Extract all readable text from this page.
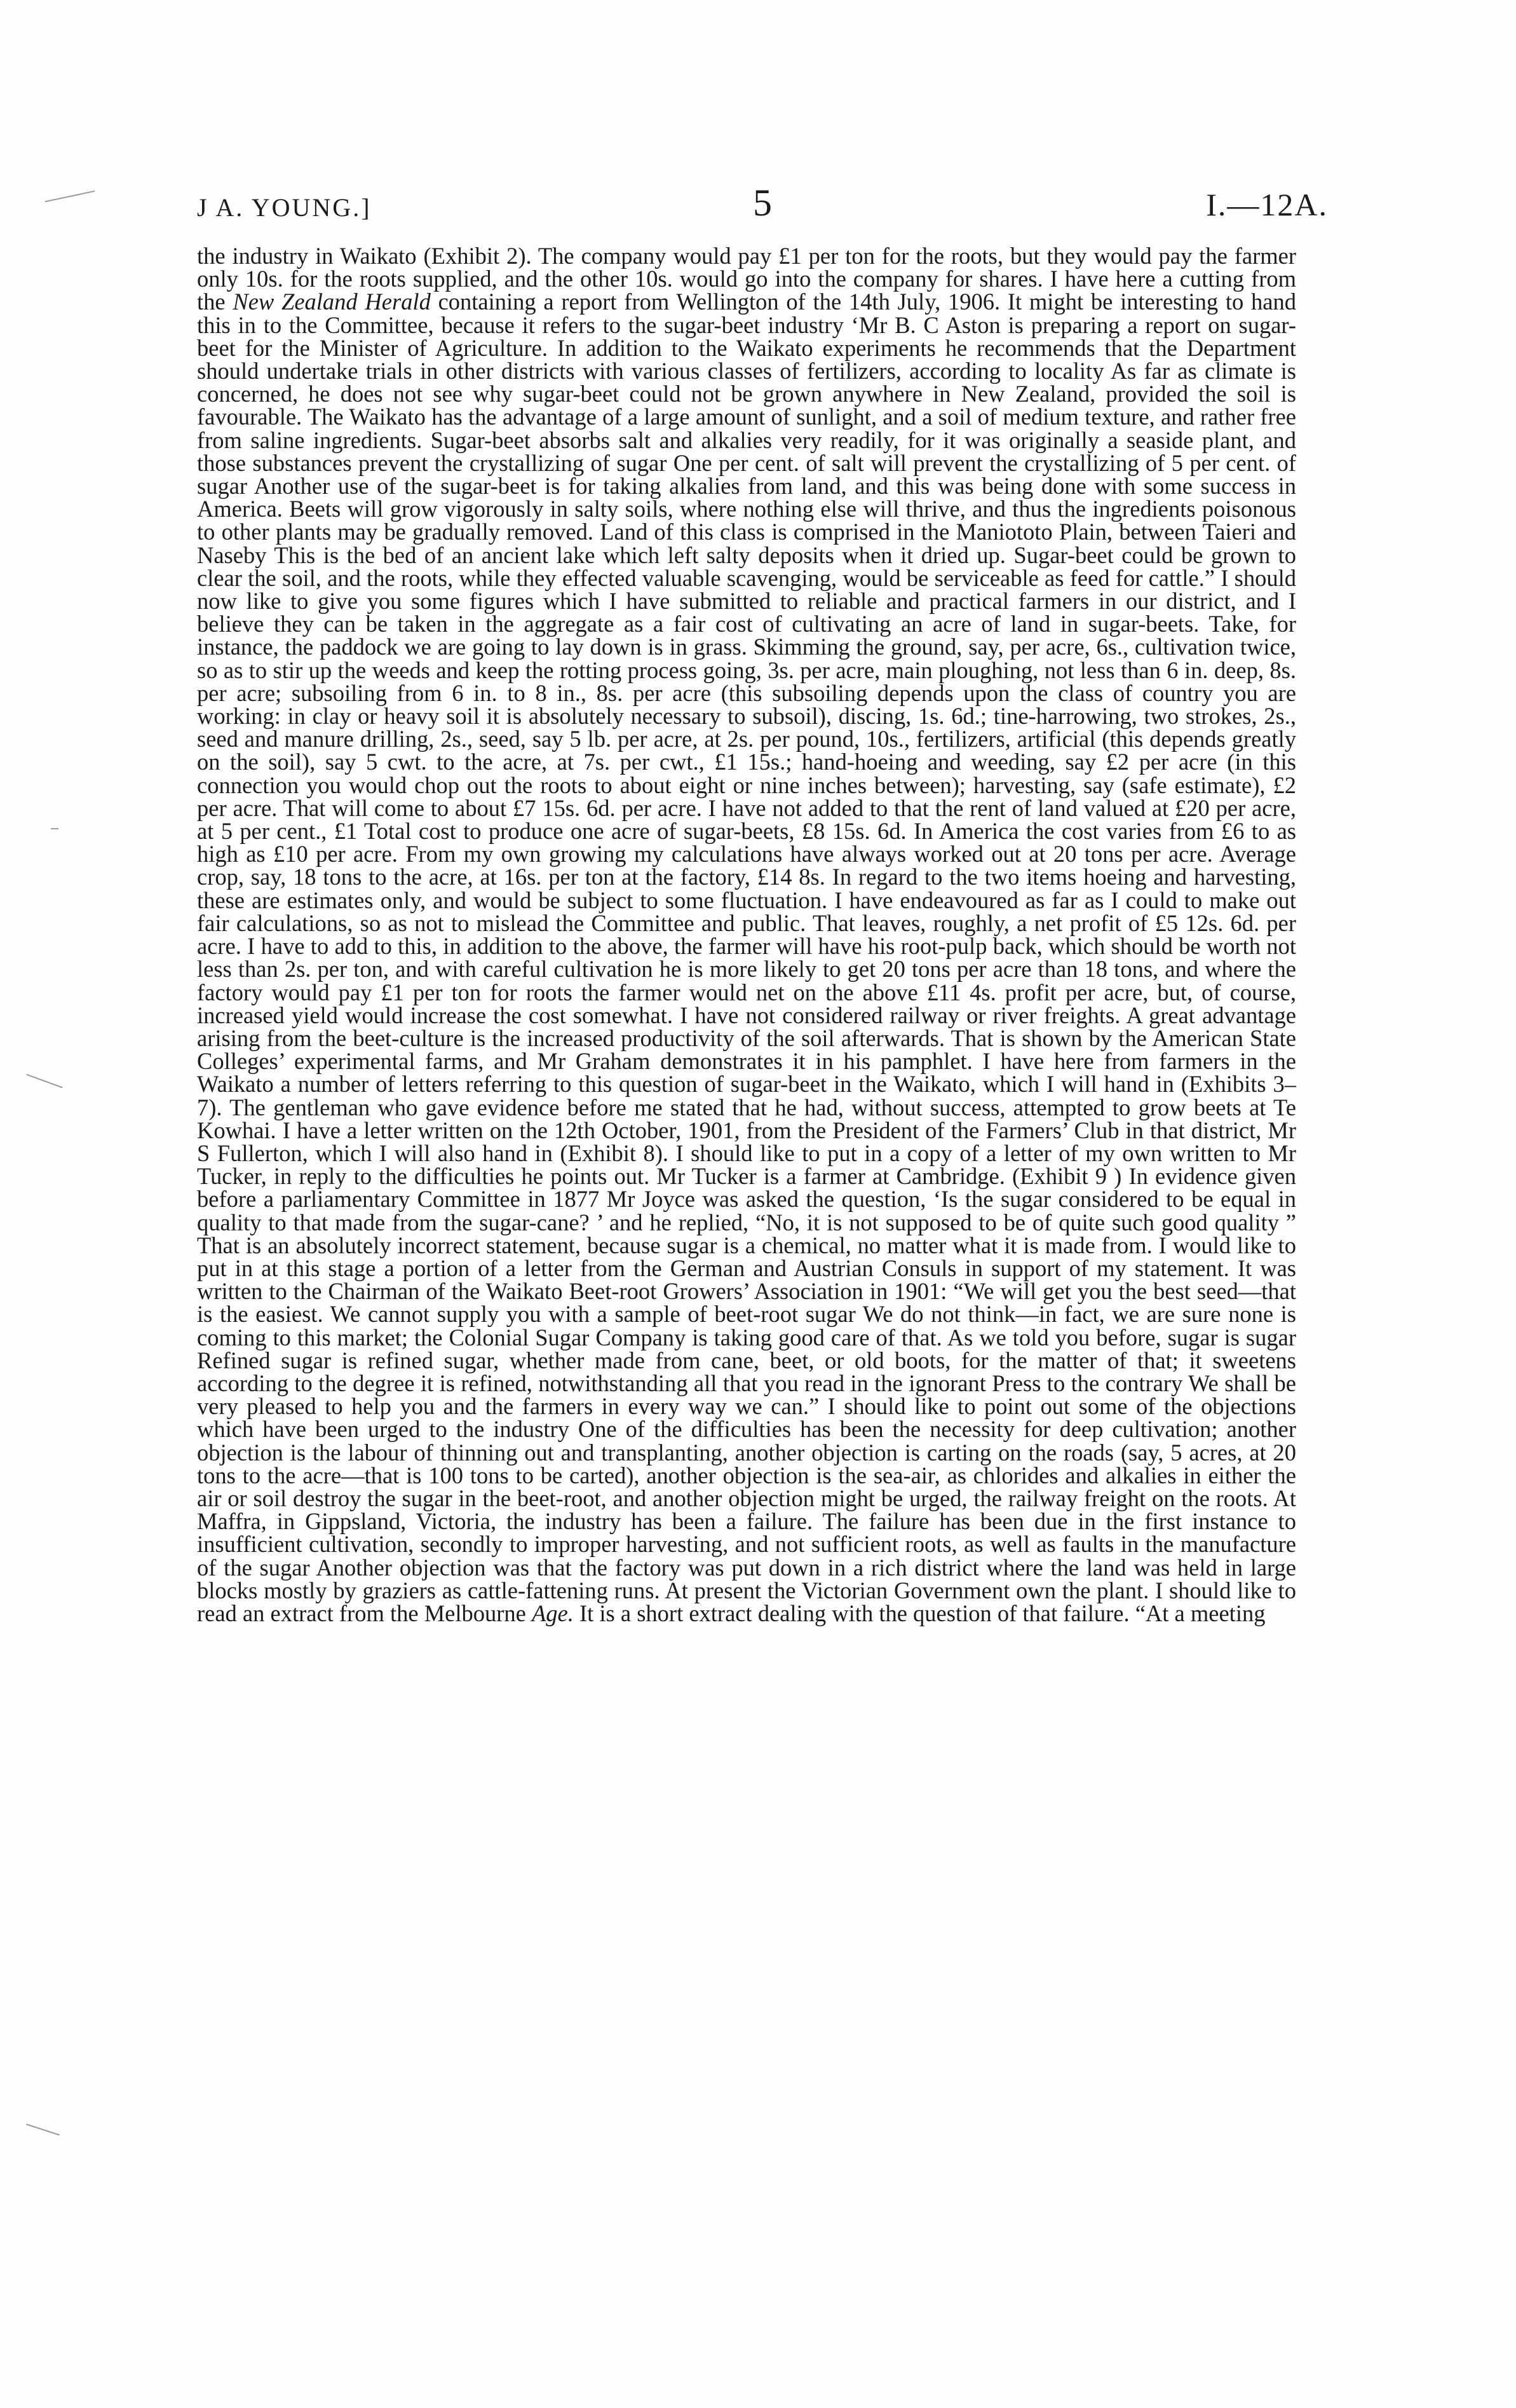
J A. YOUNG.]	5	I.—12A.

the industry in Waikato (Exhibit 2). The company would pay £1 per ton for the roots, but they would pay the farmer only 10s. for the roots supplied, and the other 10s. would go into the company for shares. I have here a cutting from the New Zealand Herald containing a report from Wellington of the 14th July, 1906. It might be interesting to hand this in to the Committee, because it refers to the sugar-beet industry ‘Mr B. C Aston is preparing a report on sugar-beet for the Minister of Agriculture. In addition to the Waikato experiments he recommends that the Department should undertake trials in other districts with various classes of fertilizers, according to locality As far as climate is concerned, he does not see why sugar-beet could not be grown anywhere in New Zealand, provided the soil is favourable. The Waikato has the advantage of a large amount of sunlight, and a soil of medium texture, and rather free from saline ingredients. Sugar-beet absorbs salt and alkalies very readily, for it was originally a seaside plant, and those substances prevent the crystallizing of sugar One per cent. of salt will prevent the crystallizing of 5 per cent. of sugar Another use of the sugar-beet is for taking alkalies from land, and this was being done with some success in America. Beets will grow vigorously in salty soils, where nothing else will thrive, and thus the ingredients poisonous to other plants may be gradually removed. Land of this class is comprised in the Maniototo Plain, between Taieri and Naseby This is the bed of an ancient lake which left salty deposits when it dried up. Sugar-beet could be grown to clear the soil, and the roots, while they effected valuable scavenging, would be serviceable as feed for cattle.” I should now like to give you some figures which I have submitted to reliable and practical farmers in our district, and I believe they can be taken in the aggregate as a fair cost of cultivating an acre of land in sugar-beets. Take, for instance, the paddock we are going to lay down is in grass. Skimming the ground, say, per acre, 6s., cultivation twice, so as to stir up the weeds and keep the rotting process going, 3s. per acre, main ploughing, not less than 6 in. deep, 8s. per acre; subsoiling from 6 in. to 8 in., 8s. per acre (this subsoiling depends upon the class of country you are working: in clay or heavy soil it is absolutely necessary to subsoil), discing, 1s. 6d.; tine-harrowing, two strokes, 2s., seed and manure drilling, 2s., seed, say 5 lb. per acre, at 2s. per pound, 10s., fertilizers, artificial (this depends greatly on the soil), say 5 cwt. to the acre, at 7s. per cwt., £1 15s.; hand-hoeing and weeding, say £2 per acre (in this connection you would chop out the roots to about eight or nine inches between); harvesting, say (safe estimate), £2 per acre. That will come to about £7 15s. 6d. per acre. I have not added to that the rent of land valued at £20 per acre, at 5 per cent., £1 Total cost to produce one acre of sugar-beets, £8 15s. 6d. In America the cost varies from £6 to as high as £10 per acre. From my own growing my calculations have always worked out at 20 tons per acre. Average crop, say, 18 tons to the acre, at 16s. per ton at the factory, £14 8s. In regard to the two items hoeing and harvesting, these are estimates only, and would be subject to some fluctuation. I have endeavoured as far as I could to make out fair calculations, so as not to mislead the Committee and public. That leaves, roughly, a net profit of £5 12s. 6d. per acre. I have to add to this, in addition to the above, the farmer will have his root-pulp back, which should be worth not less than 2s. per ton, and with careful cultivation he is more likely to get 20 tons per acre than 18 tons, and where the factory would pay £1 per ton for roots the farmer would net on the above £11 4s. profit per acre, but, of course, increased yield would increase the cost somewhat. I have not considered railway or river freights. A great advantage arising from the beet-culture is the increased productivity of the soil afterwards. That is shown by the American State Colleges’ experimental farms, and Mr Graham demonstrates it in his pamphlet. I have here from farmers in the Waikato a number of letters referring to this question of sugar-beet in the Waikato, which I will hand in (Exhibits 3–7). The gentleman who gave evidence before me stated that he had, without success, attempted to grow beets at Te Kowhai. I have a letter written on the 12th October, 1901, from the President of the Farmers’ Club in that district, Mr S Fullerton, which I will also hand in (Exhibit 8). I should like to put in a copy of a letter of my own written to Mr Tucker, in reply to the difficulties he points out. Mr Tucker is a farmer at Cambridge. (Exhibit 9 ) In evidence given before a parliamentary Committee in 1877 Mr Joyce was asked the question, ‘Is the sugar considered to be equal in quality to that made from the sugar-cane? ’ and he replied, “No, it is not supposed to be of quite such good quality ” That is an absolutely incorrect statement, because sugar is a chemical, no matter what it is made from. I would like to put in at this stage a portion of a letter from the German and Austrian Consuls in support of my statement. It was written to the Chairman of the Waikato Beet-root Growers’ Association in 1901: “We will get you the best seed—that is the easiest. We cannot supply you with a sample of beet-root sugar We do not think—in fact, we are sure none is coming to this market; the Colonial Sugar Company is taking good care of that. As we told you before, sugar is sugar Refined sugar is refined sugar, whether made from cane, beet, or old boots, for the matter of that; it sweetens according to the degree it is refined, notwithstanding all that you read in the ignorant Press to the contrary We shall be very pleased to help you and the farmers in every way we can.” I should like to point out some of the objections which have been urged to the industry One of the difficulties has been the necessity for deep cultivation; another objection is the labour of thinning out and transplanting, another objection is carting on the roads (say, 5 acres, at 20 tons to the acre—that is 100 tons to be carted), another objection is the sea-air, as chlorides and alkalies in either the air or soil destroy the sugar in the beet-root, and another objection might be urged, the railway freight on the roots. At Maffra, in Gippsland, Victoria, the industry has been a failure. The failure has been due in the first instance to insufficient cultivation, secondly to improper harvesting, and not sufficient roots, as well as faults in the manufacture of the sugar Another objection was that the factory was put down in a rich district where the land was held in large blocks mostly by graziers as cattle-fattening runs. At present the Victorian Government own the plant. I should like to read an extract from the Melbourne Age. It is a short extract dealing with the question of that failure. “At a meeting
